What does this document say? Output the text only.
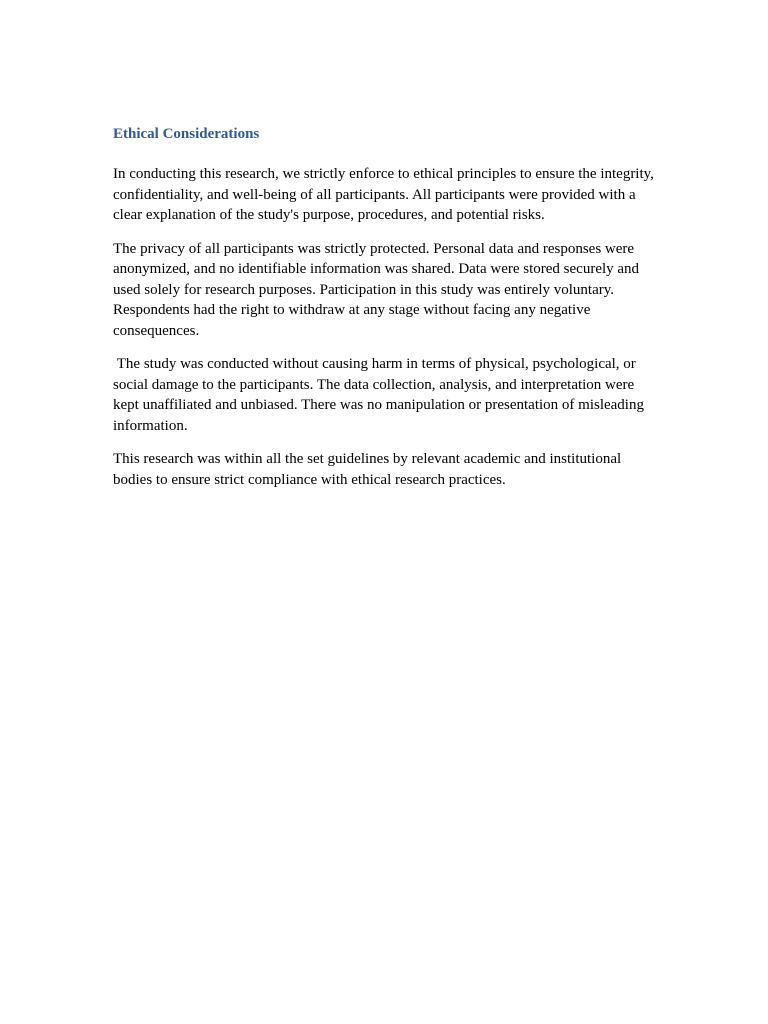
Ethical Considerations

In conducting this research, we strictly enforce to ethical principles to ensure the integrity, confidentiality, and well-being of all participants. All participants were provided with a clear explanation of the study's purpose, procedures, and potential risks.

The privacy of all participants was strictly protected. Personal data and responses were anonymized, and no identifiable information was shared. Data were stored securely and used solely for research purposes. Participation in this study was entirely voluntary. Respondents had the right to withdraw at any stage without facing any negative consequences.

The study was conducted without causing harm in terms of physical, psychological, or social damage to the participants. The data collection, analysis, and interpretation were kept unaffiliated and unbiased. There was no manipulation or presentation of misleading information.

This research was within all the set guidelines by relevant academic and institutional bodies to ensure strict compliance with ethical research practices.
